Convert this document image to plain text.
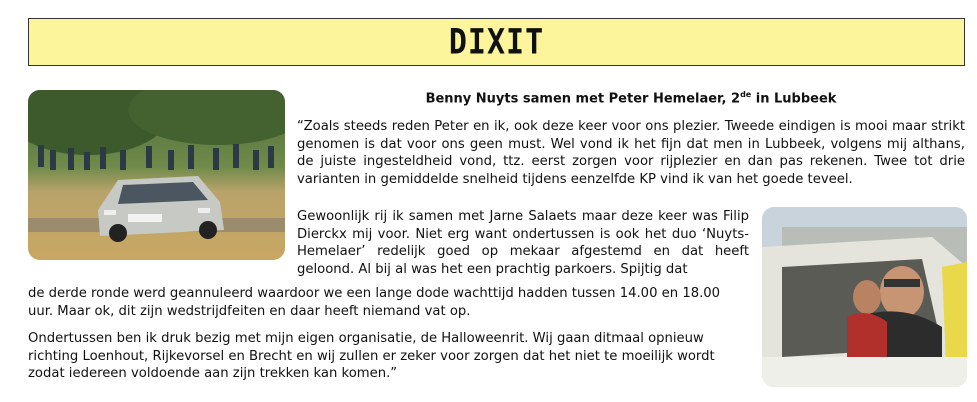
DIXIT
Benny Nuyts samen met Peter Hemelaer, 2de in Lubbeek

“Zoals steeds reden Peter en ik, ook deze keer voor ons plezier. Tweede eindigen is mooi maar strikt genomen is dat voor ons geen must. Wel vond ik het fijn dat men in Lubbeek, volgens mij althans, de juiste ingesteldheid vond, ttz. eerst zorgen voor rijplezier en dan pas rekenen. Twee tot drie varianten in gemiddelde snelheid tijdens eenzelfde KP vind ik van het goede teveel.

Gewoonlijk rij ik samen met Jarne Salaets maar deze keer was Filip Dierckx mij voor. Niet erg want ondertussen is ook het duo ‘Nuyts-Hemelaer’ redelijk goed op mekaar afgestemd en dat heeft geloond. Al bij al was het een prachtig parkoers. Spijtig dat

de derde ronde werd geannuleerd waardoor we een lange dode wachttijd hadden tussen 14.00 en 18.00 uur. Maar ok, dit zijn wedstrijdfeiten en daar heeft niemand vat op.

Ondertussen ben ik druk bezig met mijn eigen organisatie, de Halloweenrit. Wij gaan ditmaal opnieuw richting Loenhout, Rijkevorsel en Brecht en wij zullen er zeker voor zorgen dat het niet te moeilijk wordt zodat iedereen voldoende aan zijn trekken kan komen.”
